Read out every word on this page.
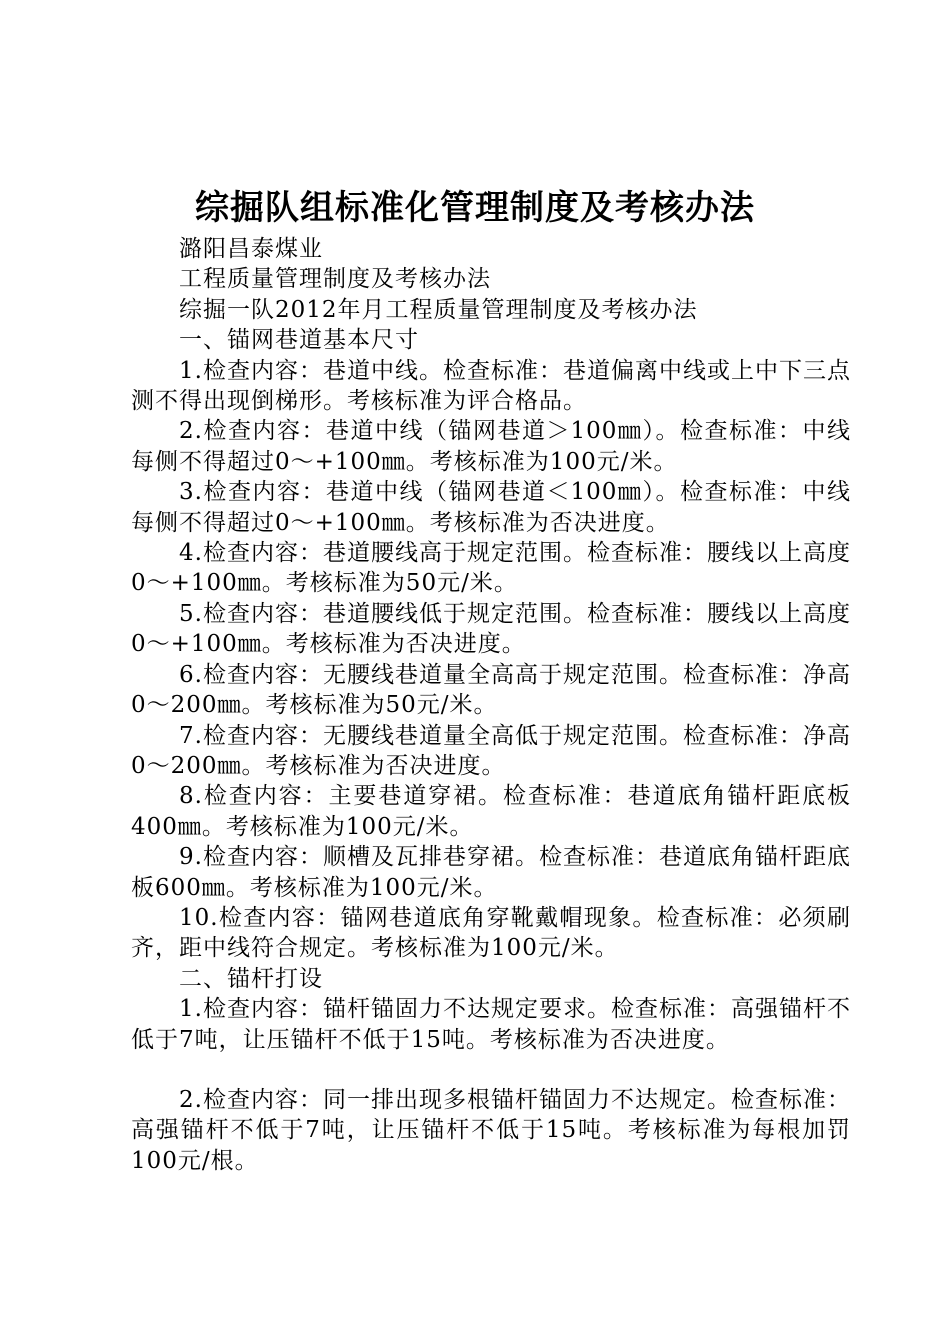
综掘队组标准化管理制度及考核办法

潞阳昌泰煤业

工程质量管理制度及考核办法

综掘一队2012年月工程质量管理制度及考核办法

一、锚网巷道基本尺寸

1.检查内容：巷道中线。检查标准：巷道偏离中线或上中下三点测不得出现倒梯形。考核标准为评合格品。

2.检查内容：巷道中线（锚网巷道＞100㎜）。检查标准：中线每侧不得超过0～+100㎜。考核标准为100元/米。

3.检查内容：巷道中线（锚网巷道＜100㎜）。检查标准：中线每侧不得超过0～+100㎜。考核标准为否决进度。

4.检查内容：巷道腰线高于规定范围。检查标准：腰线以上高度0～+100㎜。考核标准为50元/米。

5.检查内容：巷道腰线低于规定范围。检查标准：腰线以上高度0～+100㎜。考核标准为否决进度。

6.检查内容：无腰线巷道量全高高于规定范围。检查标准：净高0～200㎜。考核标准为50元/米。

7.检查内容：无腰线巷道量全高低于规定范围。检查标准：净高0～200㎜。考核标准为否决进度。

8.检查内容：主要巷道穿裙。检查标准：巷道底角锚杆距底板400㎜。考核标准为100元/米。

9.检查内容：顺槽及瓦排巷穿裙。检查标准：巷道底角锚杆距底板600㎜。考核标准为100元/米。

10.检查内容：锚网巷道底角穿靴戴帽现象。检查标准：必须刷齐，距中线符合规定。考核标准为100元/米。

二、锚杆打设

1.检查内容：锚杆锚固力不达规定要求。检查标准：高强锚杆不低于7吨，让压锚杆不低于15吨。考核标准为否决进度。

2.检查内容：同一排出现多根锚杆锚固力不达规定。检查标准：高强锚杆不低于7吨，让压锚杆不低于15吨。考核标准为每根加罚100元/根。
